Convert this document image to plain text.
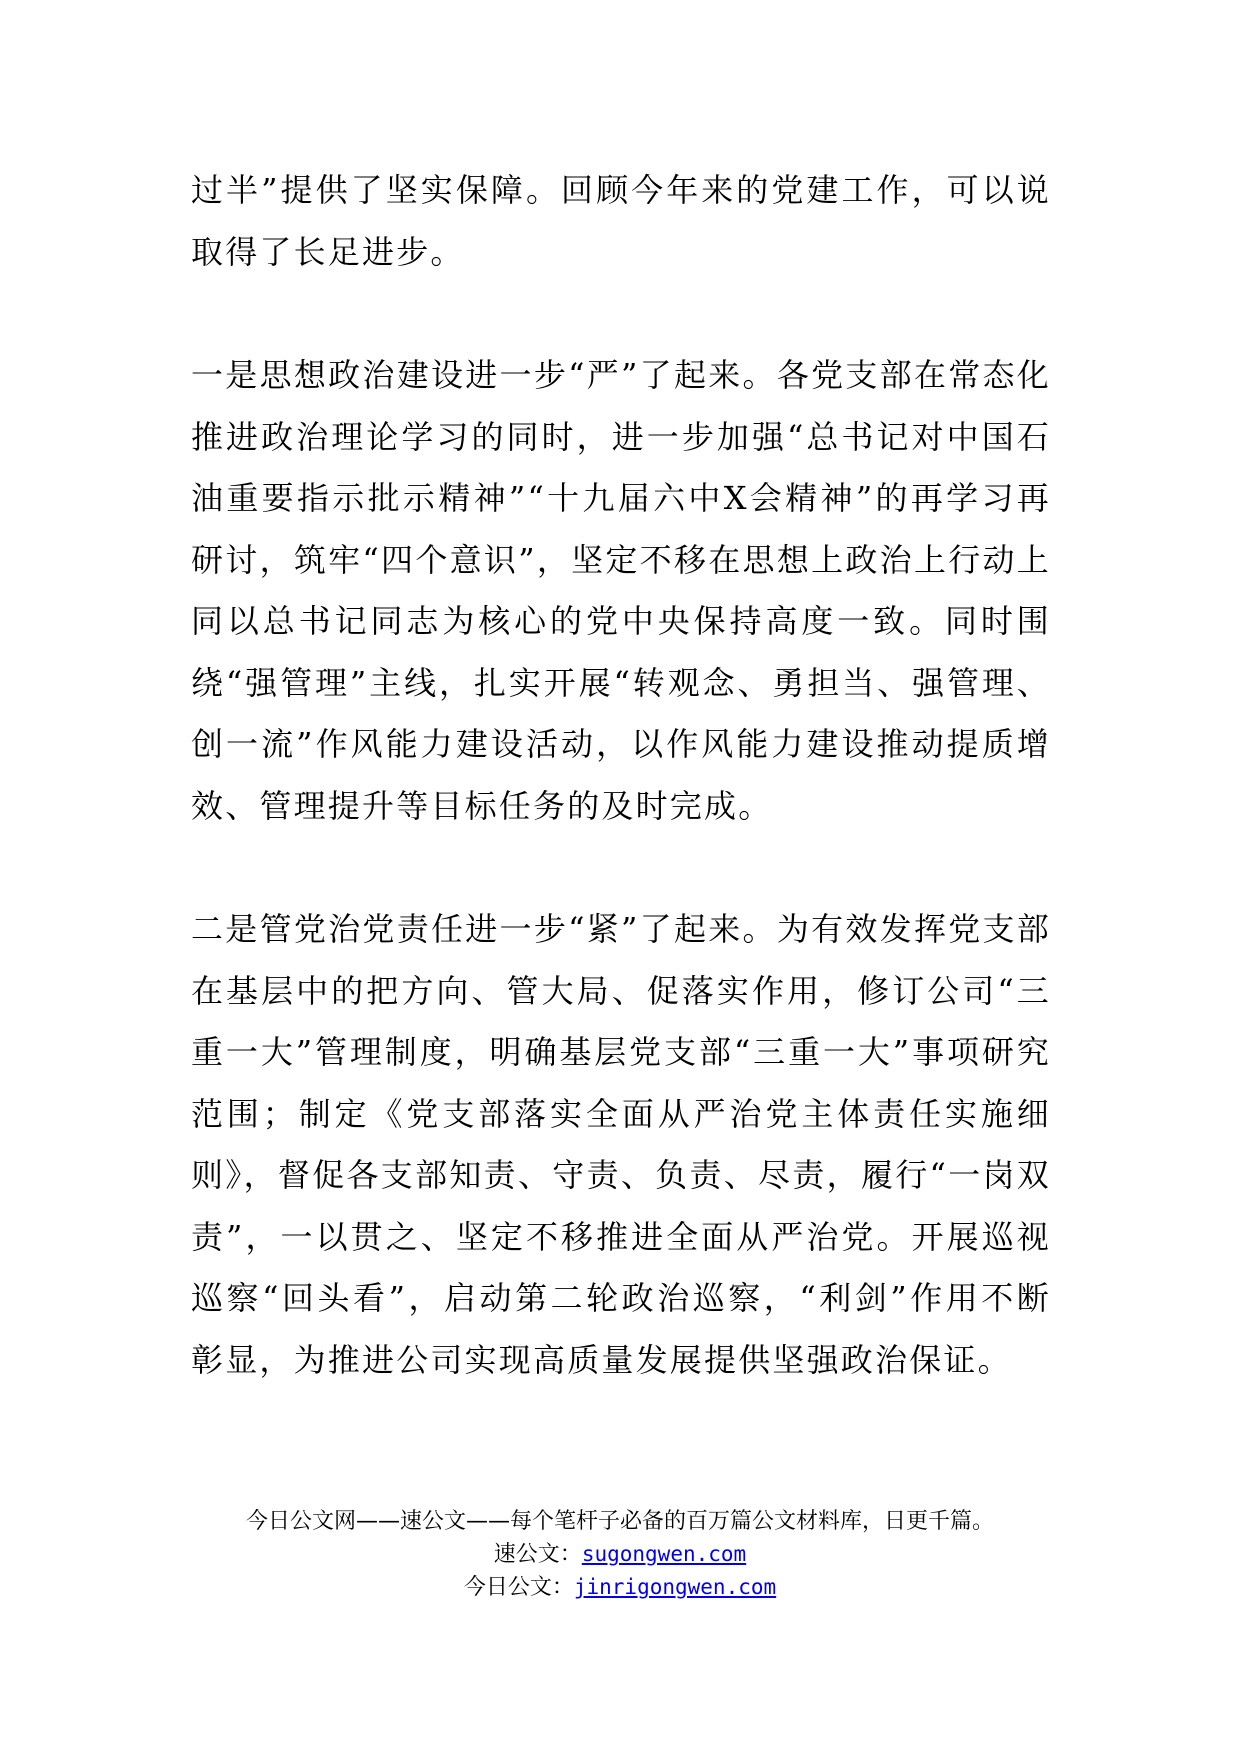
过半”提供了坚实保障。回顾今年来的党建工作，可以说取得了长足进步。

一是思想政治建设进一步“严”了起来。各党支部在常态化推进政治理论学习的同时，进一步加强“总书记对中国石油重要指示批示精神”“十九届六中X会精神”的再学习再研讨，筑牢“四个意识”，坚定不移在思想上政治上行动上同以总书记同志为核心的党中央保持高度一致。同时围绕“强管理”主线，扎实开展“转观念、勇担当、强管理、创一流”作风能力建设活动，以作风能力建设推动提质增效、管理提升等目标任务的及时完成。

二是管党治党责任进一步“紧”了起来。为有效发挥党支部在基层中的把方向、管大局、促落实作用，修订公司“三重一大”管理制度，明确基层党支部“三重一大”事项研究范围；制定《党支部落实全面从严治党主体责任实施细则》，督促各支部知责、守责、负责、尽责，履行“一岗双责”，一以贯之、坚定不移推进全面从严治党。开展巡视巡察“回头看”，启动第二轮政治巡察，“利剑”作用不断彰显，为推进公司实现高质量发展提供坚强政治保证。

今日公文网——速公文——每个笔杆子必备的百万篇公文材料库，日更千篇。
速公文：sugongwen.com
今日公文：jinrigongwen.com
